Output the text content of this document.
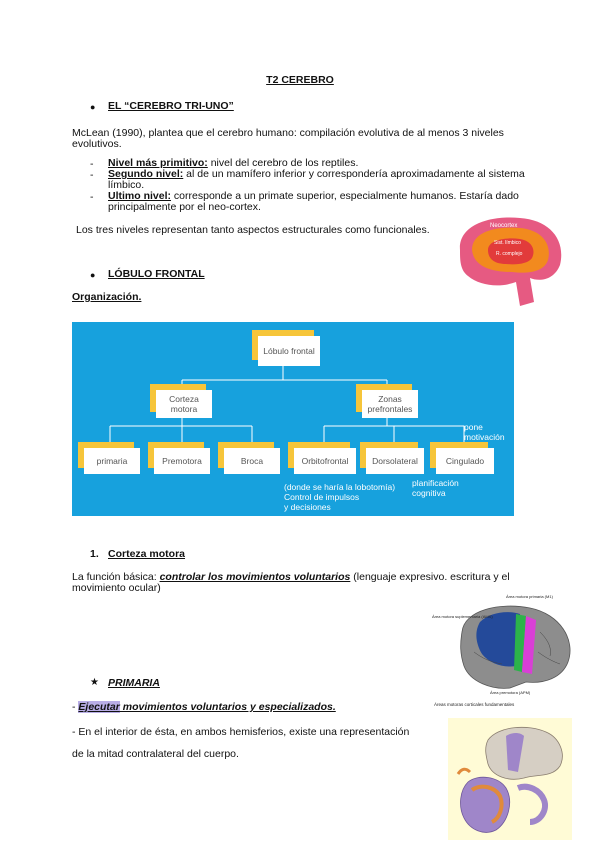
T2 CEREBRO
● EL “CEREBRO TRI-UNO”

McLean (1990), plantea que el cerebro humano: compilación evolutiva de al menos 3 niveles evolutivos.

- Nivel más primitivo: nivel del cerebro de los reptiles.
- Segundo nivel: al de un mamífero inferior y correspondería aproximadamente al sistema límbico.
- Ultimo nivel: corresponde a un primate superior, especialmente humanos. Estaría dado principalmente por el neo-cortex.

Los tres niveles representan tanto aspectos estructurales como funcionales.	Neocortex
Sist. límbico
R. complejo
● LÓBULO FRONTAL
Organización.
Lóbulo frontal
Corteza motora
Zonas prefrontales
primaria	Premotora	Broca	Orbitofrontal	Dorsolateral	Cingulado
(donde se haría la lobotomía)
Control de impulsos
y decisiones
planificación
cognitiva
pone
motivación
1. Corteza motora

La función básica: controlar los movimientos voluntarios (lenguaje expresivo. escritura y el movimiento ocular)

Área motora suplementaria (AMS)
Área motora primaria (M1)
Área premotora (APM)
Áreas motoras corticales fundamentales
★ PRIMARIA

- Ejecutar movimientos voluntarios y especializados.

- En el interior de ésta, en ambos hemisferios, existe una representación

de la mitad contralateral del cuerpo.
